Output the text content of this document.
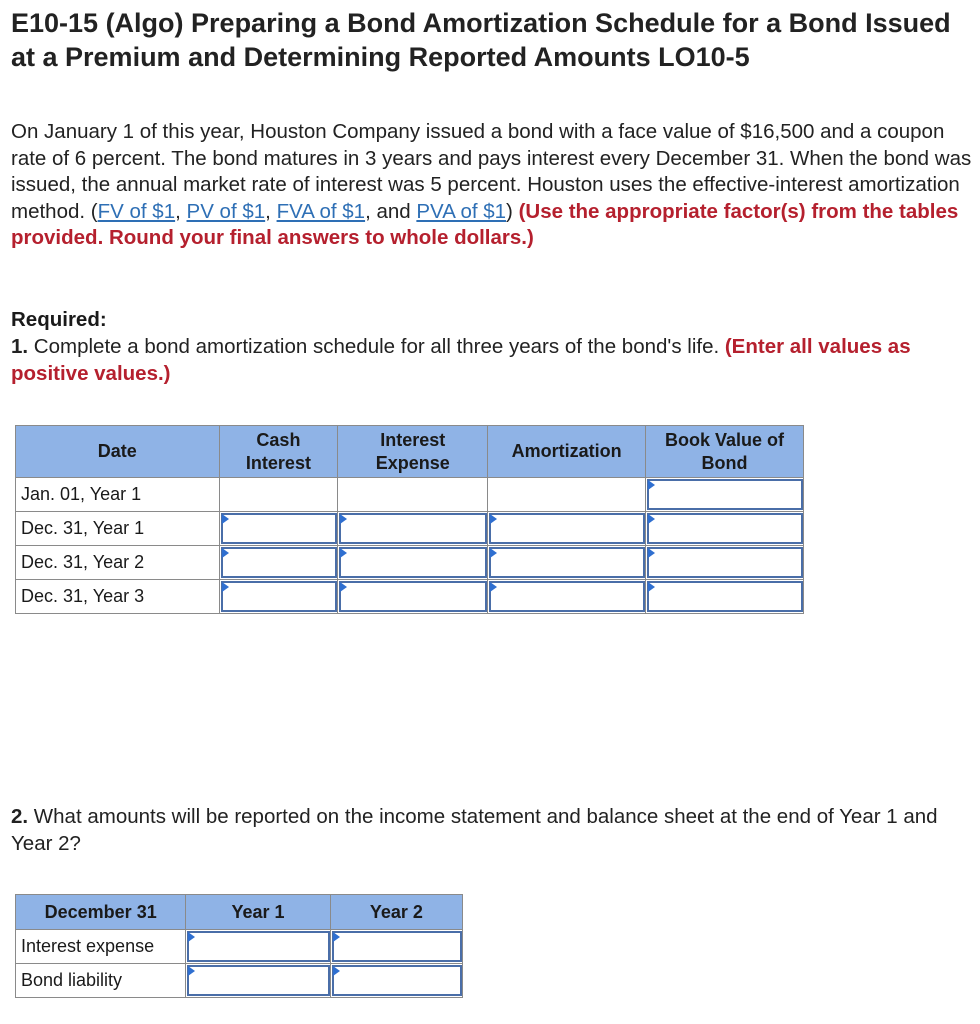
E10-15 (Algo) Preparing a Bond Amortization Schedule for a Bond Issued at a Premium and Determining Reported Amounts LO10-5

On January 1 of this year, Houston Company issued a bond with a face value of $16,500 and a coupon rate of 6 percent. The bond matures in 3 years and pays interest every December 31. When the bond was issued, the annual market rate of interest was 5 percent. Houston uses the effective-interest amortization method. (FV of $1, PV of $1, FVA of $1, and PVA of $1) (Use the appropriate factor(s) from the tables provided. Round your final answers to whole dollars.)

Required:

1. Complete a bond amortization schedule for all three years of the bond's life. (Enter all values as positive values.)

Date	Cash Interest	Interest Expense	Amortization	Book Value of Bond

Jan. 01, Year 1				

Dec. 31, Year 1	

Dec. 31, Year 2	

Dec. 31, Year 3	

2. What amounts will be reported on the income statement and balance sheet at the end of Year 1 and Year 2?

December 31	Year 1	Year 2
Interest expense	

Bond liability	
